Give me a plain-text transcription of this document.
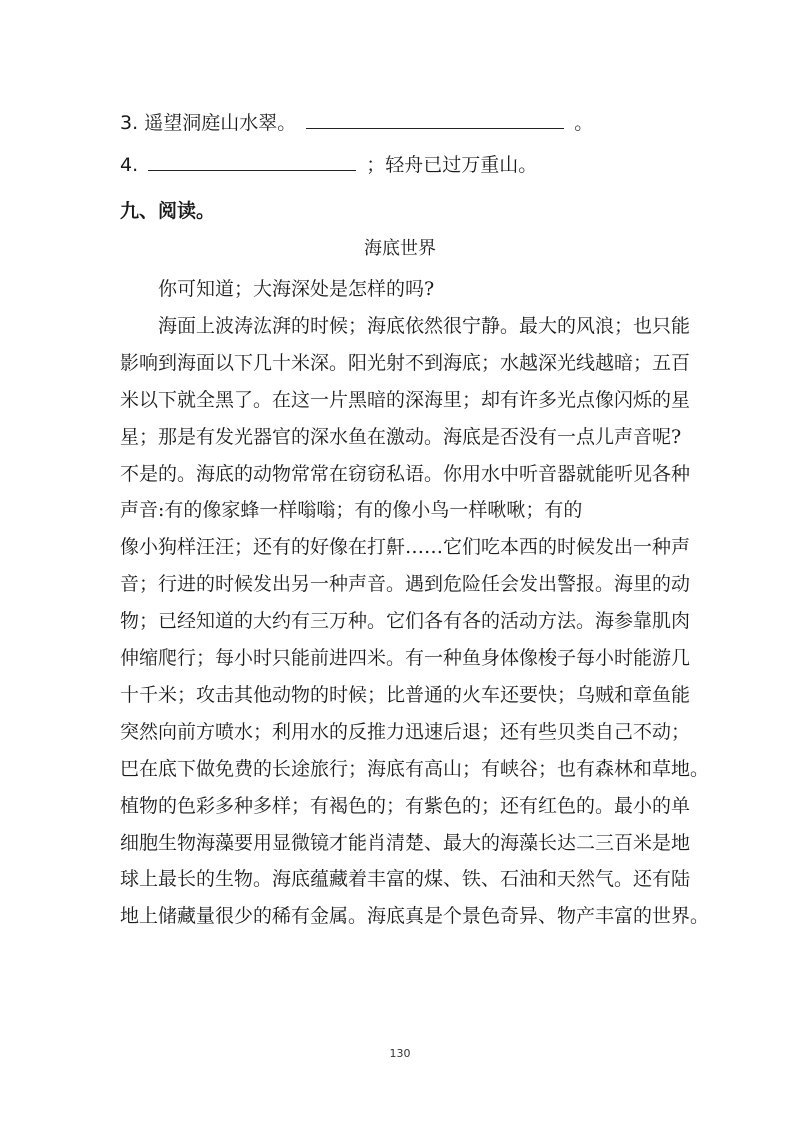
3. 遥望洞庭山水翠。	。
4.	；轻舟已过万重山。
九、阅读。
海底世界
　　你可知道；大海深处是怎样的吗?
　　海面上波涛汯湃的时候；海底依然很宁静。最大的风浪；也只能
影响到海面以下几十米深。阳光射不到海底；水越深光线越暗；五百
米以下就全黑了。在这一片黑暗的深海里；却有许多光点像闪烁的星
星；那是有发光器官的深水鱼在激动。海底是否没有一点儿声音呢?
不是的。海底的动物常常在窃窃私语。你用水中听音器就能听见各种
声音:有的像家蜂一样嗡嗡；有的像小鸟一样啾啾；有的
像小狗样汪汪；还有的好像在打鼾……它们吃本西的时候发出一种声
音；行进的时候发出另一种声音。遇到危险任会发出警报。海里的动
物；已经知道的大约有三万种。它们各有各的活动方法。海参靠肌肉
伸缩爬行；每小时只能前进四米。有一种鱼身体像梭子每小时能游几
十千米；攻击其他动物的时候；比普通的火车还要快；乌贼和章鱼能
突然向前方喷水；利用水的反推力迅速后退；还有些贝类自己不动；
巴在底下做免费的长途旅行；海底有高山；有峡谷；也有森林和草地。
植物的色彩多种多样；有褐色的；有紫色的；还有红色的。最小的单
细胞生物海藻要用显微镜才能肖清楚、最大的海藻长达二三百米是地
球上最长的生物。海底蕴藏着丰富的煤、铁、石油和天然气。还有陆
地上储藏量很少的稀有金属。海底真是个景色奇异、物产丰富的世界。
130
